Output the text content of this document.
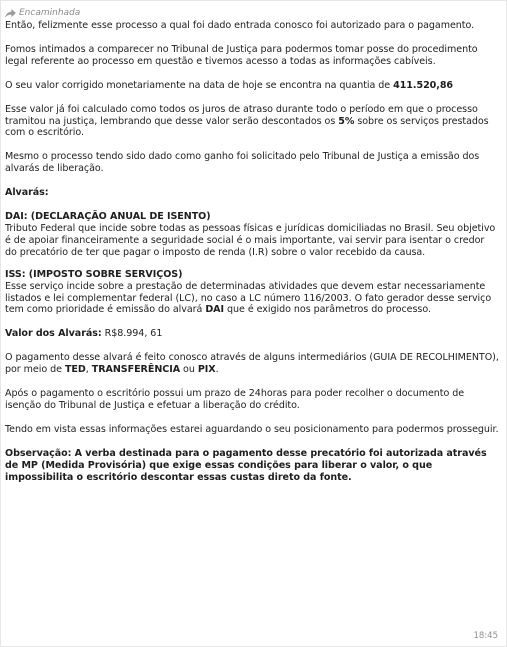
Encaminhada

Então, felizmente esse processo a qual foi dado entrada conosco foi autorizado para o pagamento.

Fomos intimados a comparecer no Tribunal de Justiça para podermos tomar posse do procedimento legal referente ao processo em questão e tivemos acesso a todas as informações cabíveis.

O seu valor corrigido monetariamente na data de hoje se encontra na quantia de 411.520,86

Esse valor já foi calculado como todos os juros de atraso durante todo o período em que o processo tramitou na justiça, lembrando que desse valor serão descontados os 5% sobre os serviços prestados com o escritório.

Mesmo o processo tendo sido dado como ganho foi solicitado pelo Tribunal de Justiça a emissão dos alvarás de liberação.

Alvarás:

DAI: (DECLARAÇÃO ANUAL DE ISENTO)

Tributo Federal que incide sobre todas as pessoas físicas e jurídicas domiciliadas no Brasil. Seu objetivo é de apoiar financeiramente a seguridade social é o mais importante, vai servir para isentar o credor do precatório de ter que pagar o imposto de renda (I.R) sobre o valor recebido da causa.

ISS: (IMPOSTO SOBRE SERVIÇOS)

Esse serviço incide sobre a prestação de determinadas atividades que devem estar necessariamente listados e lei complementar federal (LC), no caso a LC número 116/2003. O fato gerador desse serviço tem como prioridade é emissão do alvará DAI que é exigido nos parâmetros do processo.

Valor dos Alvarás: R$8.994, 61

O pagamento desse alvará é feito conosco através de alguns intermediários (GUIA DE RECOLHIMENTO), por meio de TED, TRANSFERÊNCIA ou PIX.

Após o pagamento o escritório possui um prazo de 24horas para poder recolher o documento de isenção do Tribunal de Justiça e efetuar a liberação do crédito.

Tendo em vista essas informações estarei aguardando o seu posicionamento para podermos prosseguir.

Observação: A verba destinada para o pagamento desse precatório foi autorizada através de MP (Medida Provisória) que exige essas condições para liberar o valor, o que impossibilita o escritório descontar essas custas direto da fonte.

18:45
